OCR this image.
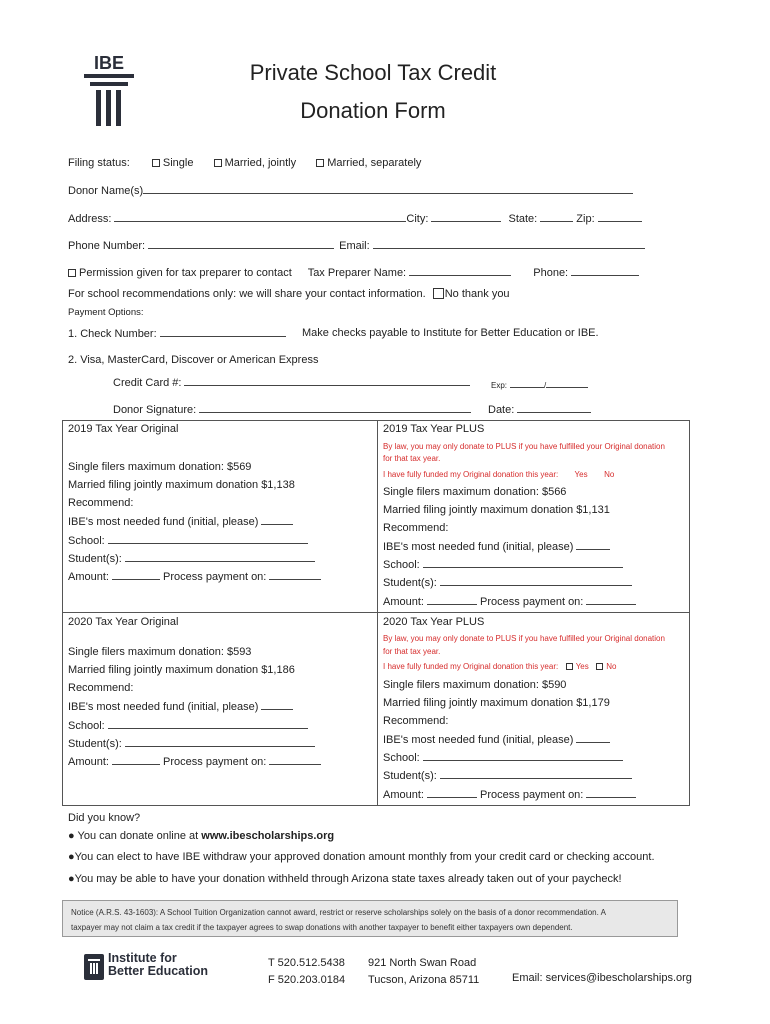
IBE	Private School Tax Credit
Donation Form
Filing status:	Single	Married, jointly	Married, separately
Donor Name(s)
Address:	City:	State:	Zip:
Phone Number:	Email:
Permission given for tax preparer to contact Tax Preparer Name:	Phone:
For school recommendations only: we will share your contact information. No thank you
Payment Options:
1. Check Number:	Make checks payable to Institute for Better Education or IBE.
2. Visa, MasterCard, Discover or American Express
Credit Card #:	Exp:	/
Donor Signature:	Date:
2019 Tax Year Original
Single filers maximum donation: $569
Married filing jointly maximum donation $1,138
Recommend:
IBE's most needed fund (initial, please)
School:
Student(s):
Amount:	Process payment on:
2019 Tax Year PLUS
By law, you may only donate to PLUS if you have fulfilled your Original donation
for that tax year.
I have fully funded my Original donation this year: Yes No
Single filers maximum donation: $566
Married filing jointly maximum donation $1,131
Recommend:
IBE's most needed fund (initial, please)
School:
Student(s):
Amount:	Process payment on:
2020 Tax Year Original
Single filers maximum donation: $593
Married filing jointly maximum donation $1,186
Recommend:
IBE's most needed fund (initial, please)
School:
Student(s):
Amount:	Process payment on:
2020 Tax Year PLUS
By law, you may only donate to PLUS if you have fulfilled your Original donation
for that tax year.
I have fully funded my Original donation this year: Yes No
Single filers maximum donation: $590
Married filing jointly maximum donation $1,179
Recommend:
IBE's most needed fund (initial, please)
School:
Student(s):
Amount:	Process payment on:
Did you know?
● You can donate online at www.ibescholarships.org
●You can elect to have IBE withdraw your approved donation amount monthly from your credit card or checking account.
●You may be able to have your donation withheld through Arizona state taxes already taken out of your paycheck!
Notice (A.R.S. 43-1603): A School Tuition Organization cannot award, restrict or reserve scholarships solely on the basis of a donor recommendation. A
taxpayer may not claim a tax credit if the taxpayer agrees to swap donations with another taxpayer to benefit either taxpayers own dependent.
Institute for
Better Education
T 520.512.5438
F 520.203.0184
921 North Swan Road
Tucson, Arizona 85711	Email: services@ibescholarships.org
